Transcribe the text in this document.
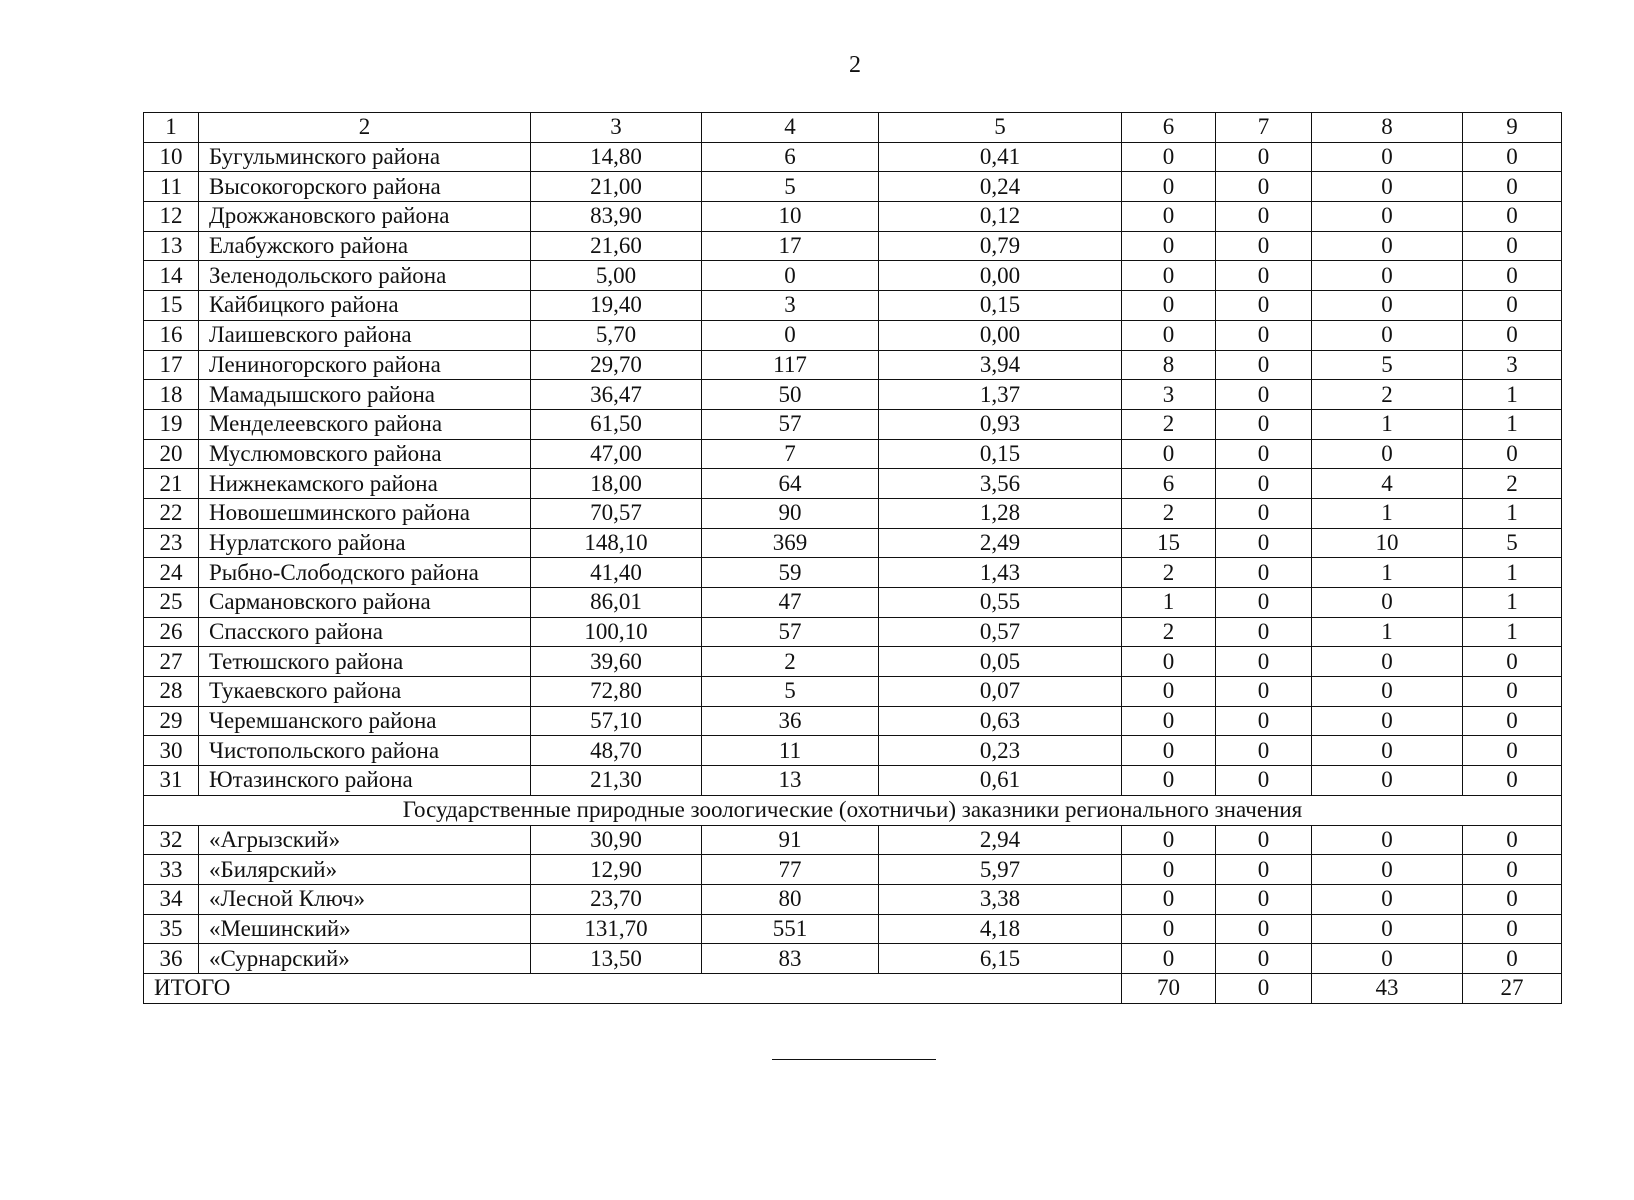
2
1	2	3	4	5	6	7	8	9
10	Бугульминского района	14,80	6	0,41	0	0	0	0
11	Высокогорского района	21,00	5	0,24	0	0	0	0
12	Дрожжановского района	83,90	10	0,12	0	0	0	0
13	Елабужского района	21,60	17	0,79	0	0	0	0
14	Зеленодольского района	5,00	0	0,00	0	0	0	0
15	Кайбицкого района	19,40	3	0,15	0	0	0	0
16	Лаишевского района	5,70	0	0,00	0	0	0	0
17	Лениногорского района	29,70	117	3,94	8	0	5	3
18	Мамадышского района	36,47	50	1,37	3	0	2	1
19	Менделеевского района	61,50	57	0,93	2	0	1	1
20	Муслюмовского района	47,00	7	0,15	0	0	0	0
21	Нижнекамского района	18,00	64	3,56	6	0	4	2
22	Новошешминского района	70,57	90	1,28	2	0	1	1
23	Нурлатского района	148,10	369	2,49	15	0	10	5
24	Рыбно-Слободского района	41,40	59	1,43	2	0	1	1
25	Сармановского района	86,01	47	0,55	1	0	0	1
26	Спасского района	100,10	57	0,57	2	0	1	1
27	Тетюшского района	39,60	2	0,05	0	0	0	0
28	Тукаевского района	72,80	5	0,07	0	0	0	0
29	Черемшанского района	57,10	36	0,63	0	0	0	0
30	Чистопольского района	48,70	11	0,23	0	0	0	0
31	Ютазинского района	21,30	13	0,61	0	0	0	0
Государственные природные зоологические (охотничьи) заказники регионального значения								
32	«Агрызский»	30,90	91	2,94	0	0	0	0
33	«Билярский»	12,90	77	5,97	0	0	0	0
34	«Лесной Ключ»	23,70	80	3,38	0	0	0	0
35	«Мешинский»	131,70	551	4,18	0	0	0	0
36	«Сурнарский»	13,50	83	6,15	0	0	0	0
ИТОГО					70	0	43	27
